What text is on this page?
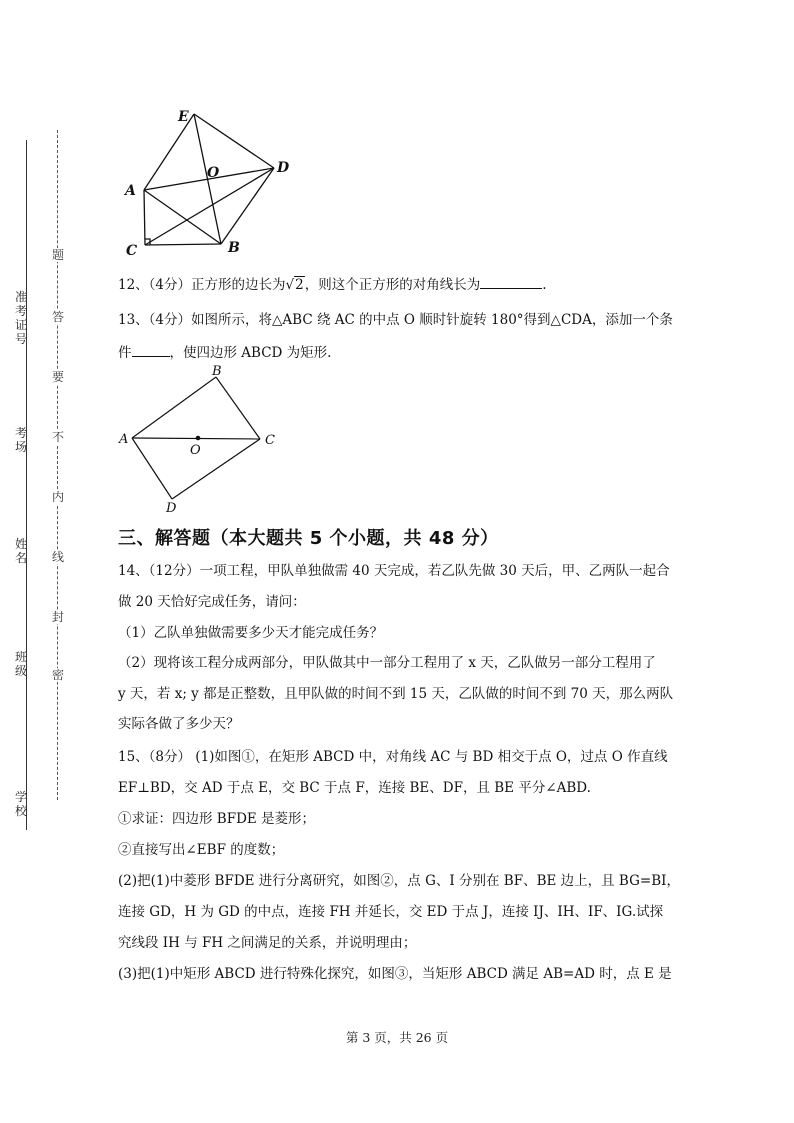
准考证号
考场
姓名
班级
学校
题
答
要
不
内
线
封
密
E
A
O	D
C	B
12、（4分）正方形的边长为√2，则这个正方形的对角线长为	.
13、（4分）如图所示，将△ABC 绕 AC 的中点 O 顺时针旋转 180°得到△CDA，添加一个条
件	，使四边形 ABCD 为矩形.
B
A
O
C
D
三、解答题（本大题共 5 个小题，共 48 分）
14、（12分）一项工程，甲队单独做需 40 天完成，若乙队先做 30 天后，甲、乙两队一起合
做 20 天恰好完成任务，请问：
（1）乙队单独做需要多少天才能完成任务？
（2）现将该工程分成两部分，甲队做其中一部分工程用了 x 天，乙队做另一部分工程用了
y 天，若 x; y 都是正整数，且甲队做的时间不到 15 天，乙队做的时间不到 70 天，那么两队
实际各做了多少天？
15、（8分） (1)如图①，在矩形 ABCD 中，对角线 AC 与 BD 相交于点 O，过点 O 作直线
EF⊥BD，交 AD 于点 E，交 BC 于点 F，连接 BE、DF，且 BE 平分∠ABD.
①求证：四边形 BFDE 是菱形；
②直接写出∠EBF 的度数；
(2)把(1)中菱形 BFDE 进行分离研究，如图②，点 G、I 分别在 BF、BE 边上，且 BG=BI，
连接 GD，H 为 GD 的中点，连接 FH 并延长，交 ED 于点 J，连接 IJ、IH、IF、IG.试探
究线段 IH 与 FH 之间满足的关系，并说明理由；
(3)把(1)中矩形 ABCD 进行特殊化探究，如图③，当矩形 ABCD 满足 AB=AD 时，点 E 是
第 3 页，共 26 页
